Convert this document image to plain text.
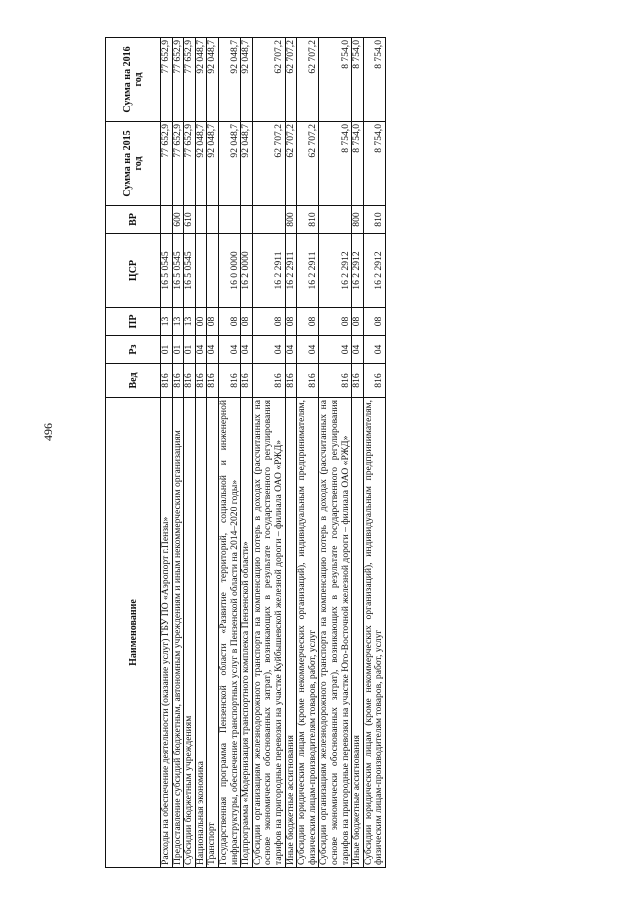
496
Наименование	Вед	Рз	ПР	ЦСР	ВР	Сумма на 2015 год	Сумма на 2016 год
Расходы на обеспечение деятельности (оказание услуг) ГБУ ПО «Аэропорт г.Пензы»	816	01	13	16 5 0545		77 652,9	77 652,9
Предоставление субсидий бюджетным, автономным учреждениям и иным некоммерческим организациям	816	01	13	16 5 0545	600	77 652,9	77 652,9
Субсидии бюджетным учреждениям	816	01	13	16 5 0545	610	77 652,9	77 652,9
Национальная экономика	816	04	00			92 048,7	92 048,7
Транспорт	816	04	08			92 048,7	92 048,7
Государственная программа Пензенской области «Развитие территорий, социальной и инженерной инфраструктуры, обеспечение транспортных услуг в Пензенской области на 2014–2020 годы»	816	04	08	16 0 0000		92 048,7	92 048,7
Подпрограмма «Модернизация транспортного комплекса Пензенской области»	816	04	08	16 2 0000		92 048,7	92 048,7
Субсидии организациям железнодорожного транспорта на компенсацию потерь в доходах (рассчитанных на основе экономически обоснованных затрат), возникающих в результате государственного регулирования тарифов на пригородные перевозки на участке Куйбышевской железной дороги – филиала ОАО «РЖД»	816	04	08	16 2 2911		62 707,2	62 707,2
Иные бюджетные ассигнования	816	04	08	16 2 2911	800	62 707,2	62 707,2
Субсидии юридическим лицам (кроме некоммерческих организаций), индивидуальным предпринимателям, физическим лицам-производителям товаров, работ, услуг	816	04	08	16 2 2911	810	62 707,2	62 707,2
Субсидии организациям железнодорожного транспорта на компенсацию потерь в доходах (рассчитанных на основе экономически обоснованных затрат), возникающих в результате государственного регулирования тарифов на пригородные перевозки на участке Юго-Восточной железной дороги – филиала ОАО «РЖД»	816	04	08	16 2 2912		8 754,0	8 754,0
Иные бюджетные ассигнования	816	04	08	16 2 2912	800	8 754,0	8 754,0
Субсидии юридическим лицам (кроме некоммерческих организаций), индивидуальным предпринимателям, физическим лицам-производителям товаров, работ, услуг	816	04	08	16 2 2912	810	8 754,0	8 754,0
